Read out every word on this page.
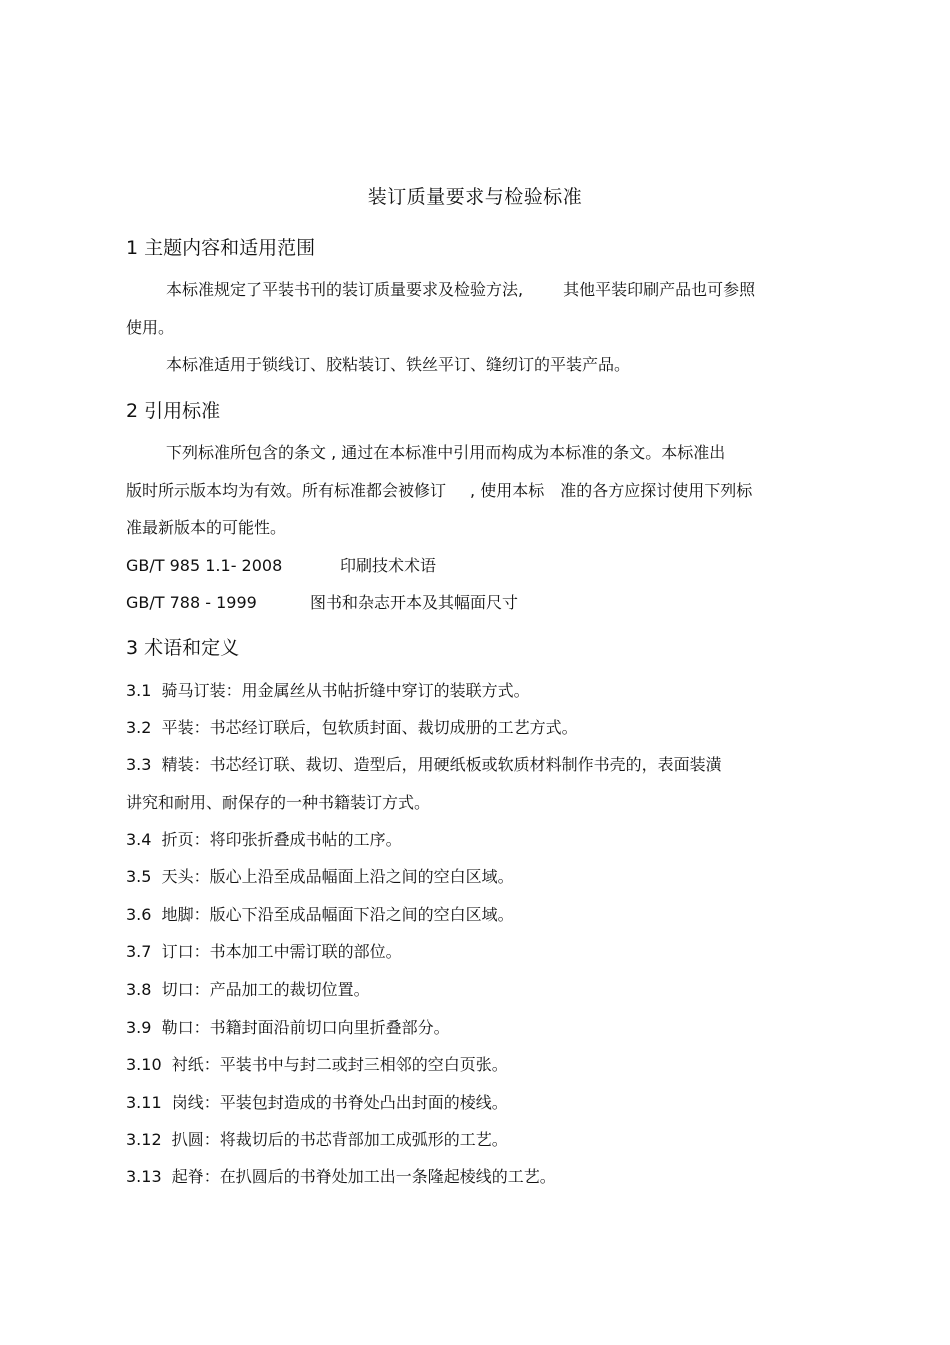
装订质量要求与检验标准
1 主题内容和适用范围
本标准规定了平装书刊的装订质量要求及检验方法,	其他平装印刷产品也可参照
使用。
本标准适用于锁线订、胶粘装订、铁丝平订、缝纫订的平装产品。
2 引用标准
下列标准所包含的条文 , 通过在本标准中引用而构成为本标准的条文。本标准出
版时所示版本均为有效。所有标准都会被修订 , 使用本标 准的各方应探讨使用下列标
准最新版本的可能性。
GB/T 985 1.1- 2008	印刷技术术语
GB/T 788 - 1999	图书和杂志开本及其幅面尺寸
3 术语和定义
3.1 骑马订装：用金属丝从书帖折缝中穿订的装联方式。
3.2 平装：书芯经订联后，包软质封面、裁切成册的工艺方式。
3.3 精装：书芯经订联、裁切、造型后，用硬纸板或软质材料制作书壳的，表面装潢
讲究和耐用、耐保存的一种书籍装订方式。
3.4 折页：将印张折叠成书帖的工序。
3.5 天头：版心上沿至成品幅面上沿之间的空白区域。
3.6 地脚：版心下沿至成品幅面下沿之间的空白区域。
3.7 订口：书本加工中需订联的部位。
3.8 切口：产品加工的裁切位置。
3.9 勒口：书籍封面沿前切口向里折叠部分。
3.10 衬纸：平装书中与封二或封三相邻的空白页张。
3.11 岗线：平装包封造成的书脊处凸出封面的棱线。
3.12 扒圆：将裁切后的书芯背部加工成弧形的工艺。
3.13 起脊：在扒圆后的书脊处加工出一条隆起棱线的工艺。
